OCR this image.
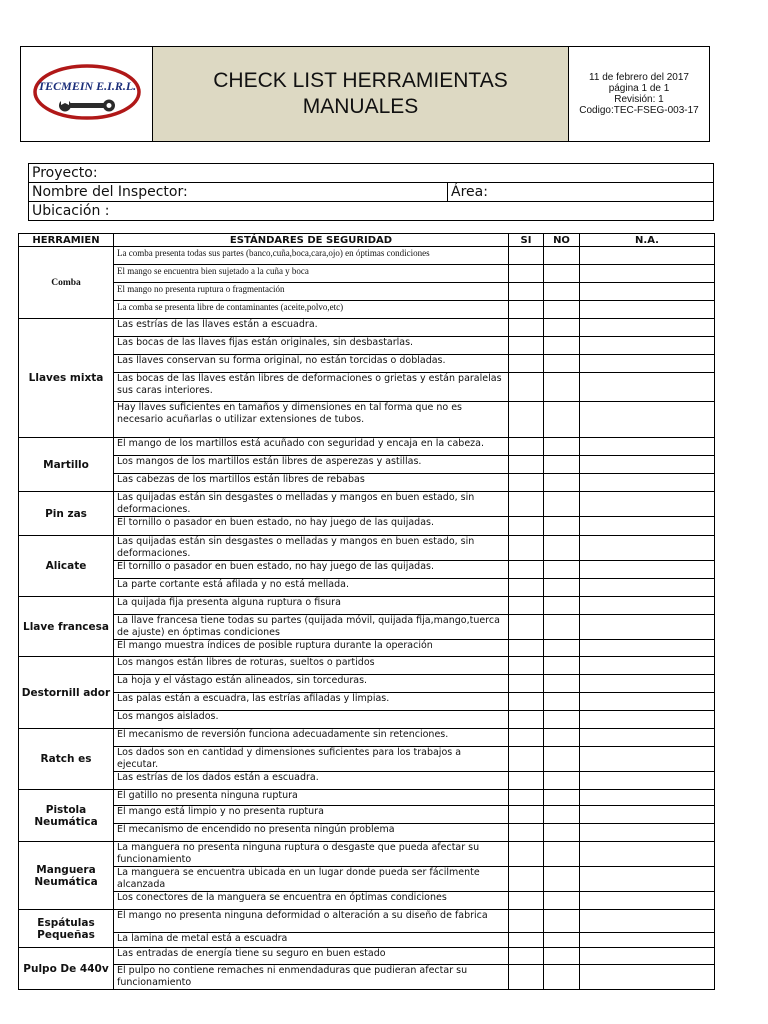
TECMEIN E.I.R.L.	CHECK LIST HERRAMIENTAS MANUALES
11 de febrero del 2017
página 1 de 1
Revisión: 1
Codigo:TEC-FSEG-003-17
Proyecto:
Nombre del Inspector:	Área:
Ubicación :
HERRAMIEN	ESTÁNDARES DE SEGURIDAD	SI	NO	N.A.
Comba	La comba presenta todas sus partes (banco,cuña,boca,cara,ojo) en óptimas condiciones			
	El mango se encuentra bien sujetado a la cuña y boca			
	El mango no presenta ruptura o fragmentación			
	La comba se presenta libre de contaminantes (aceite,polvo,etc)			
Llaves mixta	Las estrías de las llaves están a escuadra.			
	Las bocas de las llaves fijas están originales, sin desbastarlas.			
	Las llaves conservan su forma original, no están torcidas o dobladas.			
	Las bocas de las llaves están libres de deformaciones o grietas y están paralelas sus caras interiores.			
	Hay llaves suficientes en tamaños y dimensiones en tal forma que no es necesario acuñarlas o utilizar extensiones de tubos.			
Martillo	El mango de los martillos está acuñado con seguridad y encaja en la cabeza.			
	Los mangos de los martillos están libres de asperezas y astillas.			
	Las cabezas de los martillos están libres de rebabas			
Pin zas	Las quijadas están sin desgastes o melladas y mangos en buen estado, sin deformaciones.			
	El tornillo o pasador en buen estado, no hay juego de las quijadas.			
Alicate	Las quijadas están sin desgastes o melladas y mangos en buen estado, sin deformaciones.			
	El tornillo o pasador en buen estado, no hay juego de las quijadas.			
	La parte cortante está afilada y no está mellada.			
Llave francesa	La quijada fija presenta alguna ruptura o fisura			
	La llave francesa tiene todas su partes (quijada móvil, quijada fija,mango,tuerca de ajuste) en óptimas condiciones			
	El mango muestra índices de posible ruptura durante la operación			
Destornill ador	Los mangos están libres de roturas, sueltos o partidos			
	La hoja y el vástago están alineados, sin torceduras.			
	Las palas están a escuadra, las estrías afiladas y limpias.			
	Los mangos aislados.			
Ratch es	El mecanismo de reversión funciona adecuadamente sin retenciones.			
	Los dados son en cantidad y dimensiones suficientes para los trabajos a ejecutar.			
	Las estrías de los dados están a escuadra.			
Pistola Neumática	El gatillo no presenta ninguna ruptura			
	El mango está limpio y no presenta ruptura			
	El mecanismo de encendido no presenta ningún problema			
Manguera Neumática	La manguera no presenta ninguna ruptura o desgaste que pueda afectar su funcionamiento			
	La manguera se encuentra ubicada en un lugar donde pueda ser fácilmente alcanzada			
	Los conectores de la manguera se encuentra en óptimas condiciones			
Espátulas Pequeñas	El mango no presenta ninguna deformidad o alteración a su diseño de fabrica			
	La lamina de metal está a escuadra			
Pulpo De 440v	Las entradas de energía tiene su seguro en buen estado			
	El pulpo no contiene remaches ni enmendaduras que pudieran afectar su funcionamiento			
